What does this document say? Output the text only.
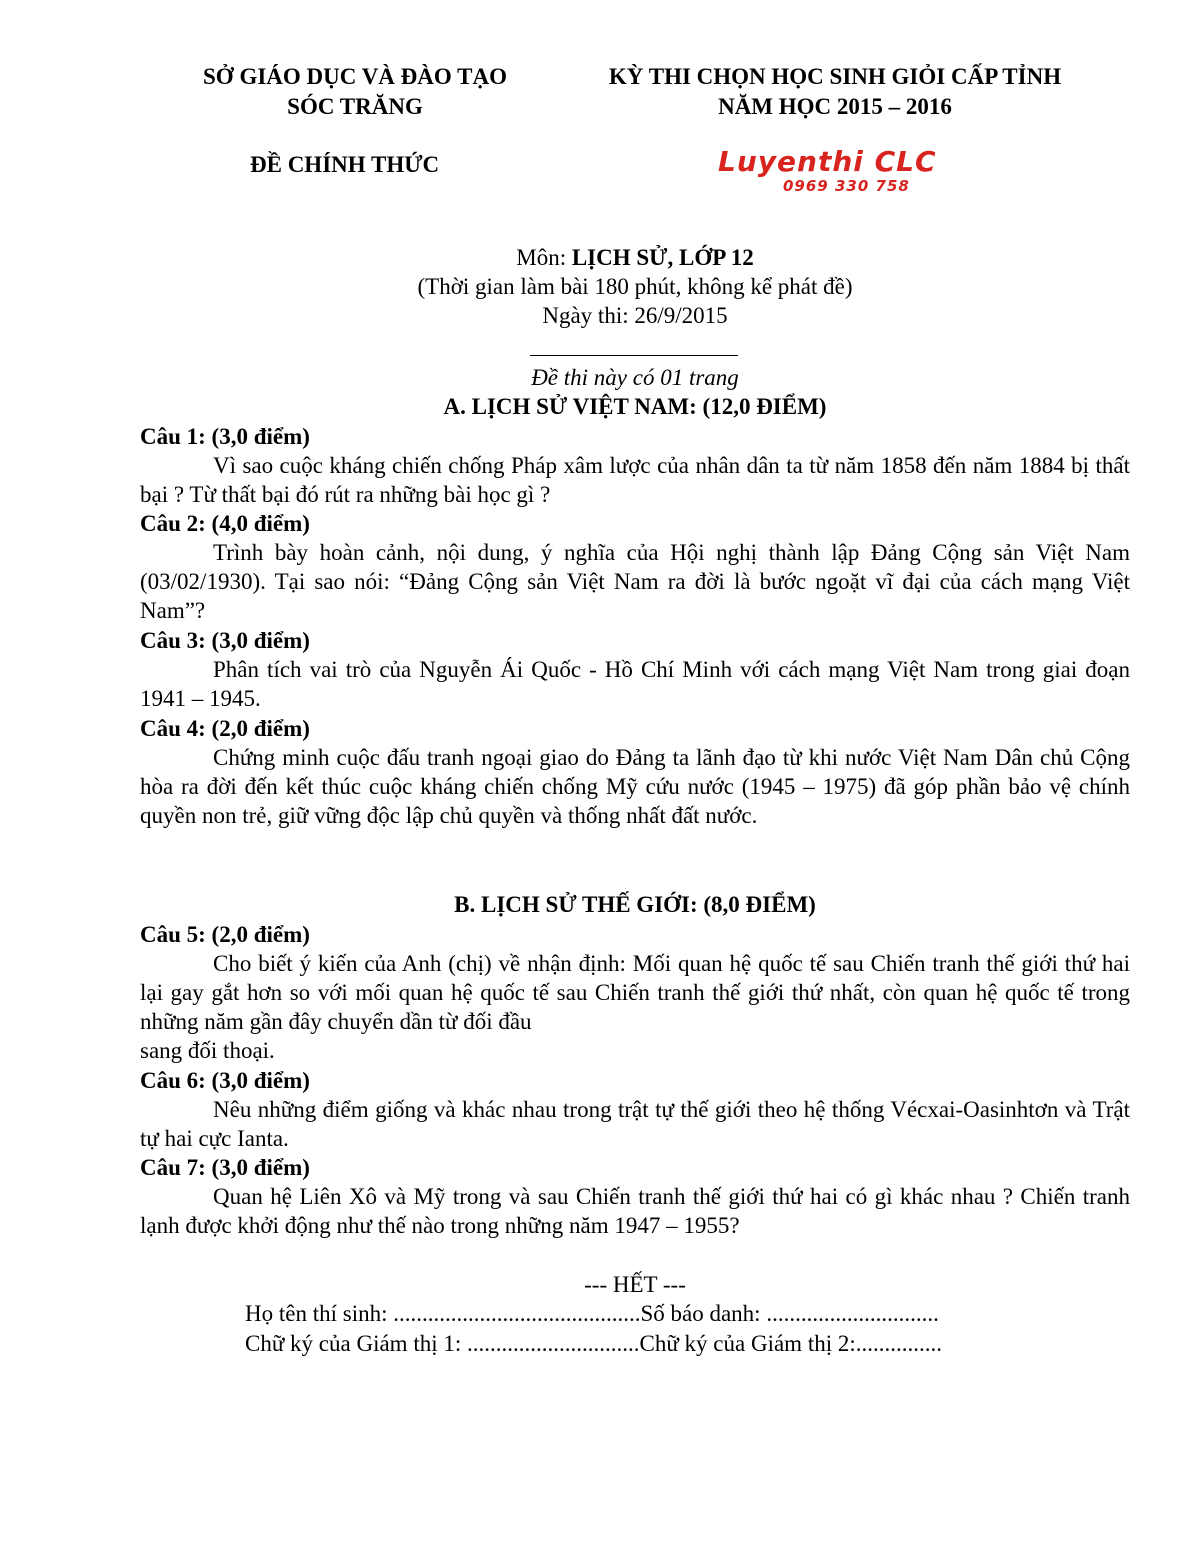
SỞ GIÁO DỤC VÀ ĐÀO TẠO
SÓC TRĂNG
KỲ THI CHỌN HỌC SINH GIỎI CẤP TỈNH
NĂM HỌC 2015 – 2016
ĐỀ CHÍNH THỨC	Luyenthi CLC
0969 330 758
Môn: LỊCH SỬ, LỚP 12
(Thời gian làm bài 180 phút, không kể phát đề)
Ngày thi: 26/9/2015
Đề thi này có 01 trang
A. LỊCH SỬ VIỆT NAM: (12,0 ĐIỂM)
Câu 1: (3,0 điểm)
Vì sao cuộc kháng chiến chống Pháp xâm lược của nhân dân ta từ năm 1858 đến năm 1884 bị thất bại ? Từ thất bại đó rút ra những bài học gì ?
Câu 2: (4,0 điểm)
Trình bày hoàn cảnh, nội dung, ý nghĩa của Hội nghị thành lập Đảng Cộng sản Việt Nam (03/02/1930). Tại sao nói: “Đảng Cộng sản Việt Nam ra đời là bước ngoặt vĩ đại của cách mạng Việt Nam”?
Câu 3: (3,0 điểm)
Phân tích vai trò của Nguyễn Ái Quốc - Hồ Chí Minh với cách mạng Việt Nam trong giai đoạn 1941 – 1945.
Câu 4: (2,0 điểm)
Chứng minh cuộc đấu tranh ngoại giao do Đảng ta lãnh đạo từ khi nước Việt Nam Dân chủ Cộng hòa ra đời đến kết thúc cuộc kháng chiến chống Mỹ cứu nước (1945 – 1975) đã góp phần bảo vệ chính quyền non trẻ, giữ vững độc lập chủ quyền và thống nhất đất nước.
B. LỊCH SỬ THẾ GIỚI: (8,0 ĐIỂM)
Câu 5: (2,0 điểm)
Cho biết ý kiến của Anh (chị) về nhận định: Mối quan hệ quốc tế sau Chiến tranh thế giới thứ hai lại gay gắt hơn so với mối quan hệ quốc tế sau Chiến tranh thế giới thứ nhất, còn quan hệ quốc tế trong những năm gần đây chuyển dần từ đối đầu
sang đối thoại.
Câu 6: (3,0 điểm)
Nêu những điểm giống và khác nhau trong trật tự thế giới theo hệ thống Vécxai-Oasinhtơn và Trật tự hai cực Ianta.
Câu 7: (3,0 điểm)
Quan hệ Liên Xô và Mỹ trong và sau Chiến tranh thế giới thứ hai có gì khác nhau ? Chiến tranh lạnh được khởi động như thế nào trong những năm 1947 – 1955?
--- HẾT ---
Họ tên thí sinh: ...........................................Số báo danh: ..............................
Chữ ký của Giám thị 1: ..............................Chữ ký của Giám thị 2:...............
